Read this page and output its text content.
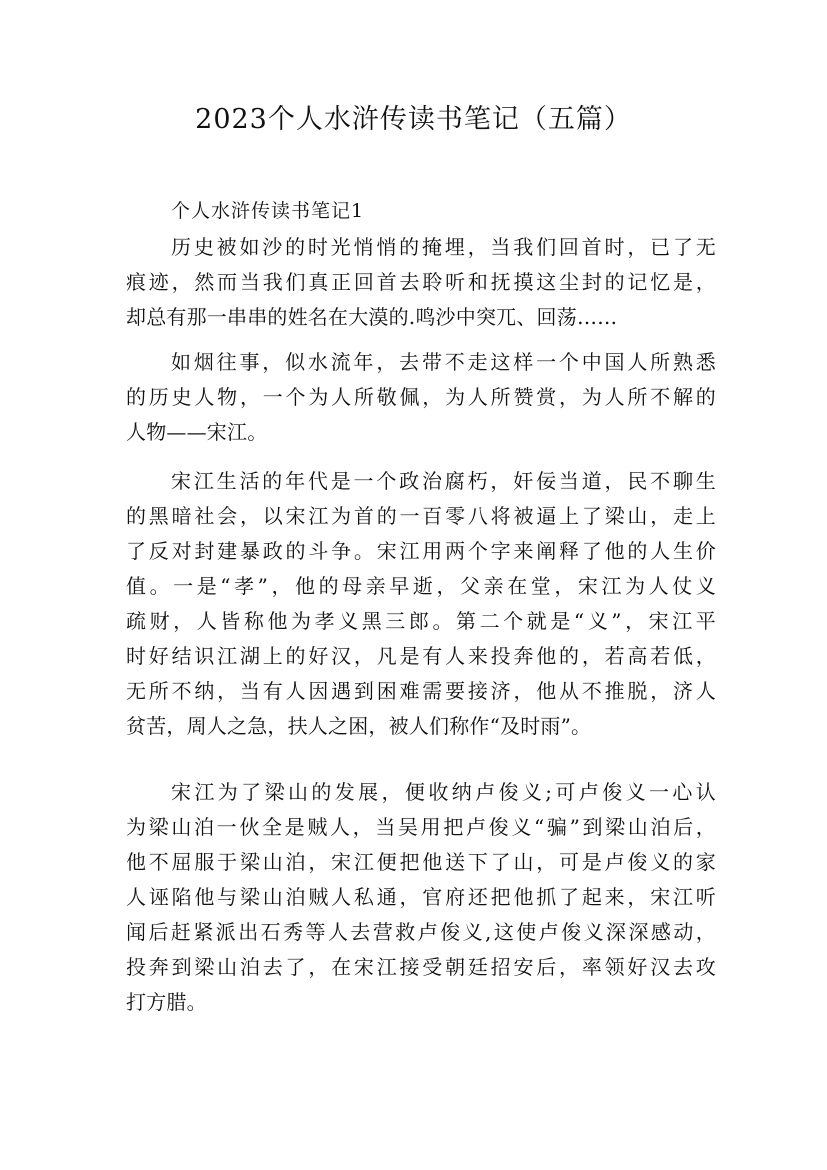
2023个人水浒传读书笔记（五篇）
个人水浒传读书笔记1
历史被如沙的时光悄悄的掩埋，当我们回首时，已了无
痕迹，然而当我们真正回首去聆听和抚摸这尘封的记忆是，
却总有那一串串的姓名在大漠的.鸣沙中突兀、回荡……
如烟往事，似水流年，去带不走这样一个中国人所熟悉
的历史人物，一个为人所敬佩，为人所赞赏，为人所不解的
人物——宋江。
宋江生活的年代是一个政治腐朽，奸佞当道，民不聊生
的黑暗社会，以宋江为首的一百零八将被逼上了梁山，走上
了反对封建暴政的斗争。宋江用两个字来阐释了他的人生价
值。一是“孝”，他的母亲早逝，父亲在堂，宋江为人仗义
疏财，人皆称他为孝义黑三郎。第二个就是“义”，宋江平
时好结识江湖上的好汉，凡是有人来投奔他的，若高若低，
无所不纳，当有人因遇到困难需要接济，他从不推脱，济人
贫苦，周人之急，扶人之困，被人们称作“及时雨”。
宋江为了梁山的发展，便收纳卢俊义;可卢俊义一心认
为梁山泊一伙全是贼人，当吴用把卢俊义“骗”到梁山泊后，
他不屈服于梁山泊，宋江便把他送下了山，可是卢俊义的家
人诬陷他与梁山泊贼人私通，官府还把他抓了起来，宋江听
闻后赶紧派出石秀等人去营救卢俊义,这使卢俊义深深感动，
投奔到梁山泊去了，在宋江接受朝廷招安后，率领好汉去攻
打方腊。
